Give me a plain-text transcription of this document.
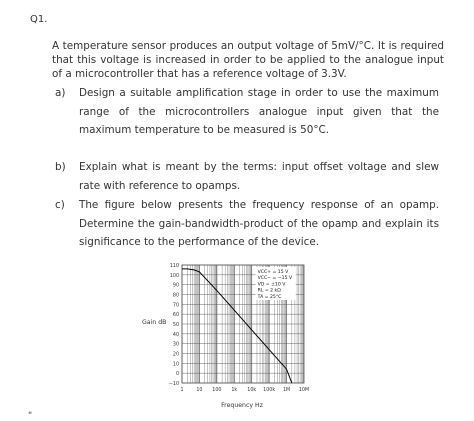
Q1.
A temperature sensor produces an output voltage of 5mV/°C. It is required that this voltage is increased in order to be applied to the analogue input of a microcontroller that has a reference voltage of 3.3V.
a)	Design a suitable amplification stage in order to use the maximum range of the microcontrollers analogue input given that the maximum temperature to be measured is 50°C.
b)	Explain what is meant by the terms: input offset voltage and slew rate with reference to opamps.
c)	The figure below presents the frequency response of an opamp. Determine the gain-bandwidth-product of the opamp and explain its significance to the performance of the device.
110
100
90
80
70
60
50
40
30
20
10
0
−10
1	10 100 1k 10k 100k 1M 10M
Gain dB
Frequency Hz
VCC+ = 15 V
VCC− = −15 V
VO = ±10 V
RL = 2 kΩ
TA = 25°C
"
